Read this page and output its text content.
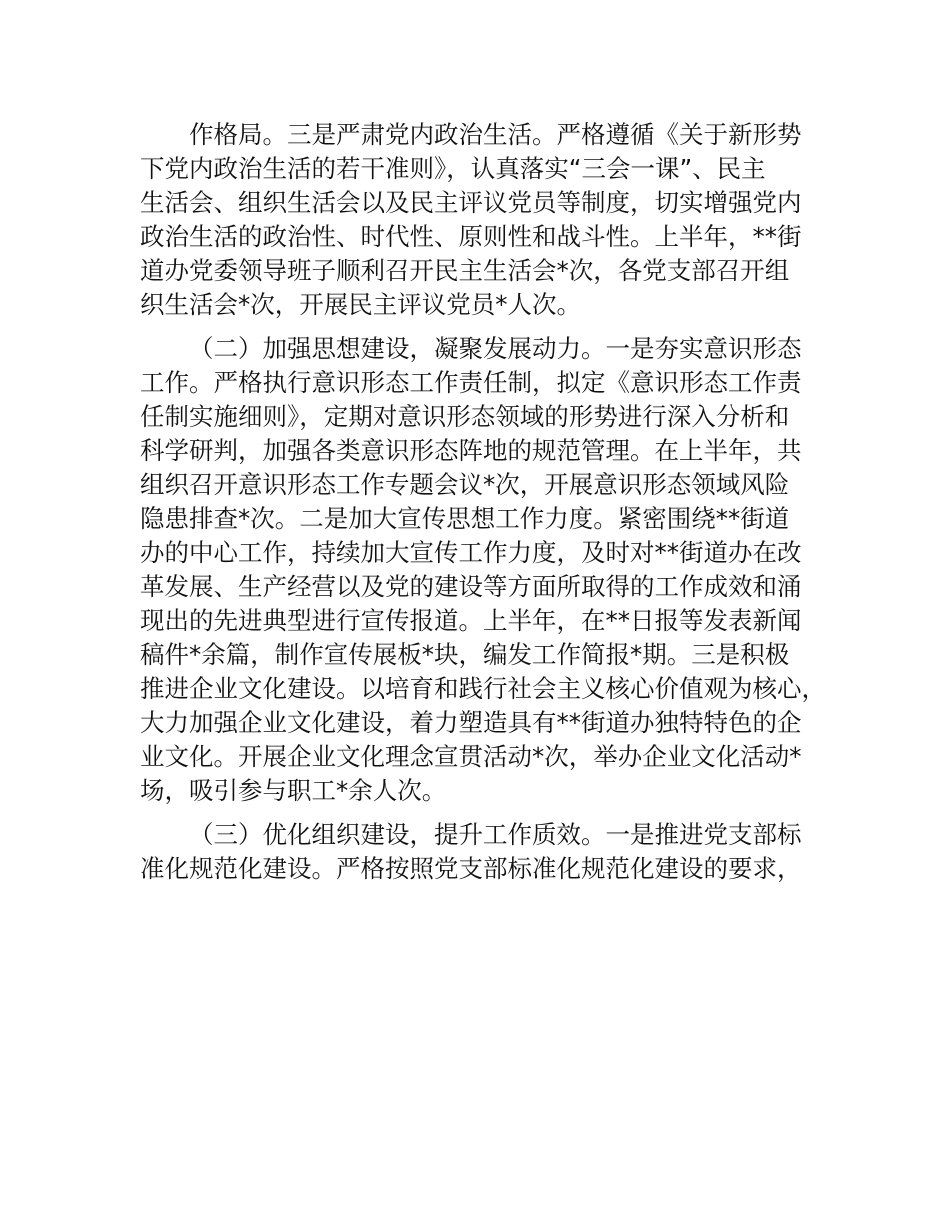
作格局。三是严肃党内政治生活。严格遵循《关于新形势

下党内政治生活的若干准则》，认真落实“三会一课”、民主

生活会、组织生活会以及民主评议党员等制度，切实增强党内

政治生活的政治性、时代性、原则性和战斗性。上半年，**街

道办党委领导班子顺利召开民主生活会*次，各党支部召开组

织生活会*次，开展民主评议党员*人次。

（二）加强思想建设，凝聚发展动力。一是夯实意识形态

工作。严格执行意识形态工作责任制，拟定《意识形态工作责

任制实施细则》，定期对意识形态领域的形势进行深入分析和

科学研判，加强各类意识形态阵地的规范管理。在上半年，共

组织召开意识形态工作专题会议*次，开展意识形态领域风险

隐患排查*次。二是加大宣传思想工作力度。紧密围绕**街道

办的中心工作，持续加大宣传工作力度，及时对**街道办在改

革发展、生产经营以及党的建设等方面所取得的工作成效和涌

现出的先进典型进行宣传报道。上半年，在**日报等发表新闻

稿件*余篇，制作宣传展板*块，编发工作简报*期。三是积极

推进企业文化建设。以培育和践行社会主义核心价值观为核心，

大力加强企业文化建设，着力塑造具有**街道办独特特色的企

业文化。开展企业文化理念宣贯活动*次，举办企业文化活动*

场，吸引参与职工*余人次。

（三）优化组织建设，提升工作质效。一是推进党支部标

准化规范化建设。严格按照党支部标准化规范化建设的要求，
